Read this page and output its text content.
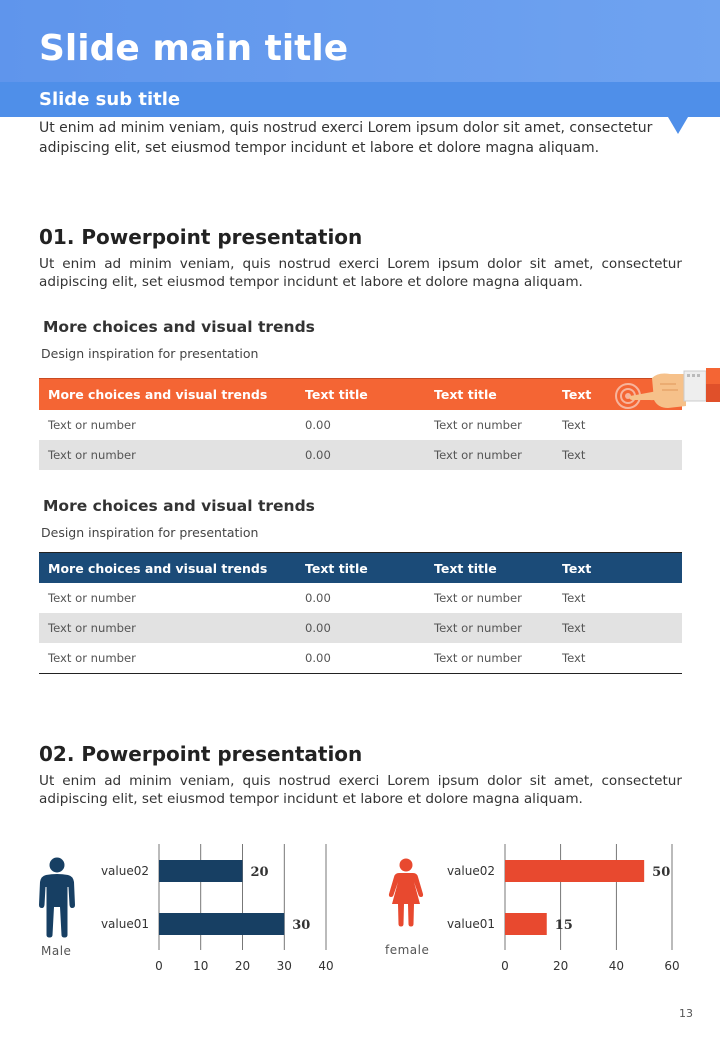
Slide main title
Slide sub title
Ut enim ad minim veniam, quis nostrud exerci Lorem ipsum dolor sit amet, consectetur adipiscing elit, set eiusmod tempor incidunt et labore et dolore magna aliquam.
01. Powerpoint presentation
Ut enim ad minim veniam, quis nostrud exerci Lorem ipsum dolor sit amet, consectetur adipiscing elit, set eiusmod tempor incidunt et labore et dolore magna aliquam.
More choices and visual trends
Design inspiration for presentation
More choices and visual trends	Text title	Text title	Text
Text or number	0.00	Text or number	Text
Text or number	0.00	Text or number	Text
More choices and visual trends
Design inspiration for presentation
More choices and visual trends	Text title	Text title	Text
Text or number	0.00	Text or number	Text
Text or number	0.00	Text or number	Text
Text or number	0.00	Text or number	Text
02. Powerpoint presentation
Ut enim ad minim veniam, quis nostrud exerci Lorem ipsum dolor sit amet, consectetur adipiscing elit, set eiusmod tempor incidunt et labore et dolore magna aliquam.
Male	female
0	10 20 30 40
value02	20
value01	30
0	20	40	60
value02	50
value01	15
13
